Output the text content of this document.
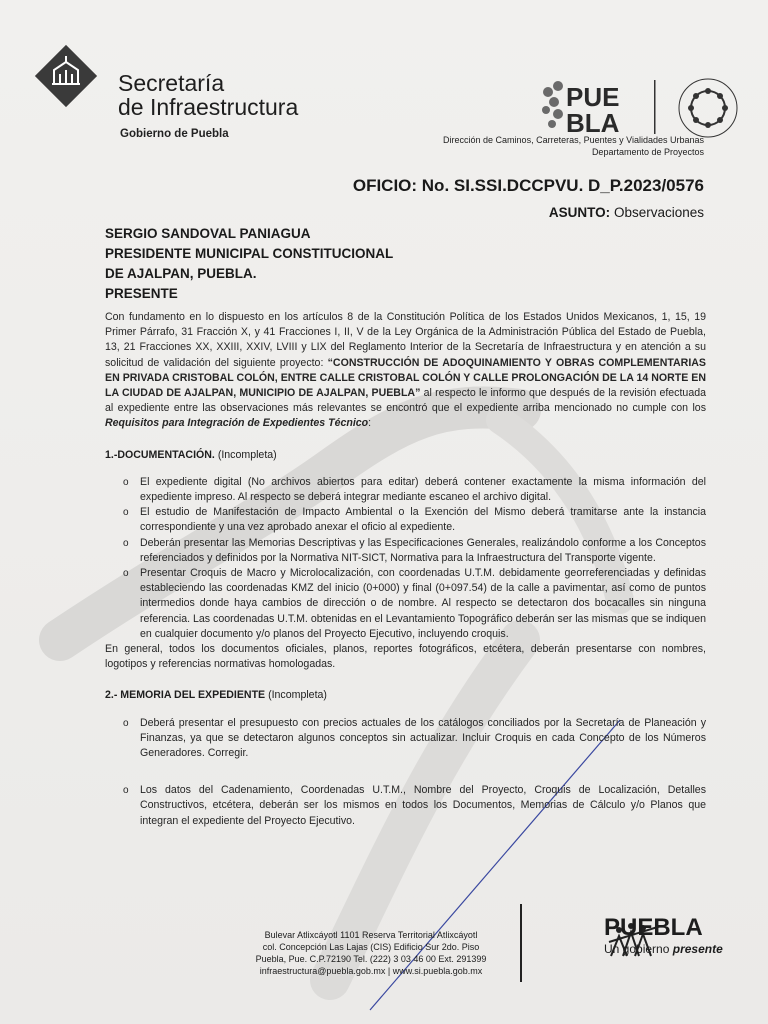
Secretaría
de Infraestructura
Gobierno de Puebla
PUE
BLA
Dirección de Caminos, Carreteras, Puentes y Vialidades Urbanas
Departamento de Proyectos
OFICIO: No. SI.SSI.DCCPVU. D_P.2023/0576
ASUNTO: Observaciones
SERGIO SANDOVAL PANIAGUA
PRESIDENTE MUNICIPAL CONSTITUCIONAL
DE AJALPAN, PUEBLA.
PRESENTE

Con fundamento en lo dispuesto en los artículos 8 de la Constitución Política de los Estados Unidos Mexicanos, 1, 15, 19 Primer Párrafo, 31 Fracción X, y 41 Fracciones I, II, V de la Ley Orgánica de la Administración Pública del Estado de Puebla, 13, 21 Fracciones XX, XXIII, XXIV, LVIII y LIX del Reglamento Interior de la Secretaría de Infraestructura y en atención a su solicitud de validación del siguiente proyecto: “CONSTRUCCIÓN DE ADOQUINAMIENTO Y OBRAS COMPLEMENTARIAS EN PRIVADA CRISTOBAL COLÓN, ENTRE CALLE CRISTOBAL COLÓN Y CALLE PROLONGACIÓN DE LA 14 NORTE EN LA CIUDAD DE AJALPAN, MUNICIPIO DE AJALPAN, PUEBLA” al respecto le informo que después de la revisión efectuada al expediente entre las observaciones más relevantes se encontró que el expediente arriba mencionado no cumple con los Requisitos para Integración de Expedientes Técnico:

1.-DOCUMENTACIÓN. (Incompleta)
o El expediente digital (No archivos abiertos para editar) deberá contener exactamente la misma información del expediente impreso. Al respecto se deberá integrar mediante escaneo el archivo digital.
o El estudio de Manifestación de Impacto Ambiental o la Exención del Mismo deberá tramitarse ante la instancia correspondiente y una vez aprobado anexar el oficio al expediente.
o Deberán presentar las Memorias Descriptivas y las Especificaciones Generales, realizándolo conforme a los Conceptos referenciados y definidos por la Normativa NIT-SICT, Normativa para la Infraestructura del Transporte vigente.
o Presentar Croquis de Macro y Microlocalización, con coordenadas U.T.M. debidamente georreferenciadas y definidas estableciendo las coordenadas KMZ del inicio (0+000) y final (0+097.54) de la calle a pavimentar, así como de puntos intermedios donde haya cambios de dirección o de nombre. Al respecto se detectaron dos bocacalles sin ninguna referencia. Las coordenadas U.T.M. obtenidas en el Levantamiento Topográfico deberán ser las mismas que se indiquen en cualquier documento y/o planos del Proyecto Ejecutivo, incluyendo croquis.

En general, todos los documentos oficiales, planos, reportes fotográficos, etcétera, deberán presentarse con nombres, logotipos y referencias normativas homologadas.

2.- MEMORIA DEL EXPEDIENTE (Incompleta)
o Deberá presentar el presupuesto con precios actuales de los catálogos conciliados por la Secretaría de Planeación y Finanzas, ya que se detectaron algunos conceptos sin actualizar. Incluir Croquis en cada Concepto de los Números Generadores. Corregir.
o Los datos del Cadenamiento, Coordenadas U.T.M., Nombre del Proyecto, Croquis de Localización, Detalles Constructivos, etcétera, deberán ser los mismos en todos los Documentos, Memorias de Cálculo y/o Planos que integran el expediente del Proyecto Ejecutivo.
Bulevar Atlixcáyotl 1101 Reserva Territorial Atlixcáyotl
col. Concepción Las Lajas (CIS) Edificio Sur 2do. Piso
Puebla, Pue. C.P.72190 Tel. (222) 3 03 46 00 Ext. 291399
infraestructura@puebla.gob.mx | www.si.puebla.gob.mx
PUEBLA
Un gobierno presente
